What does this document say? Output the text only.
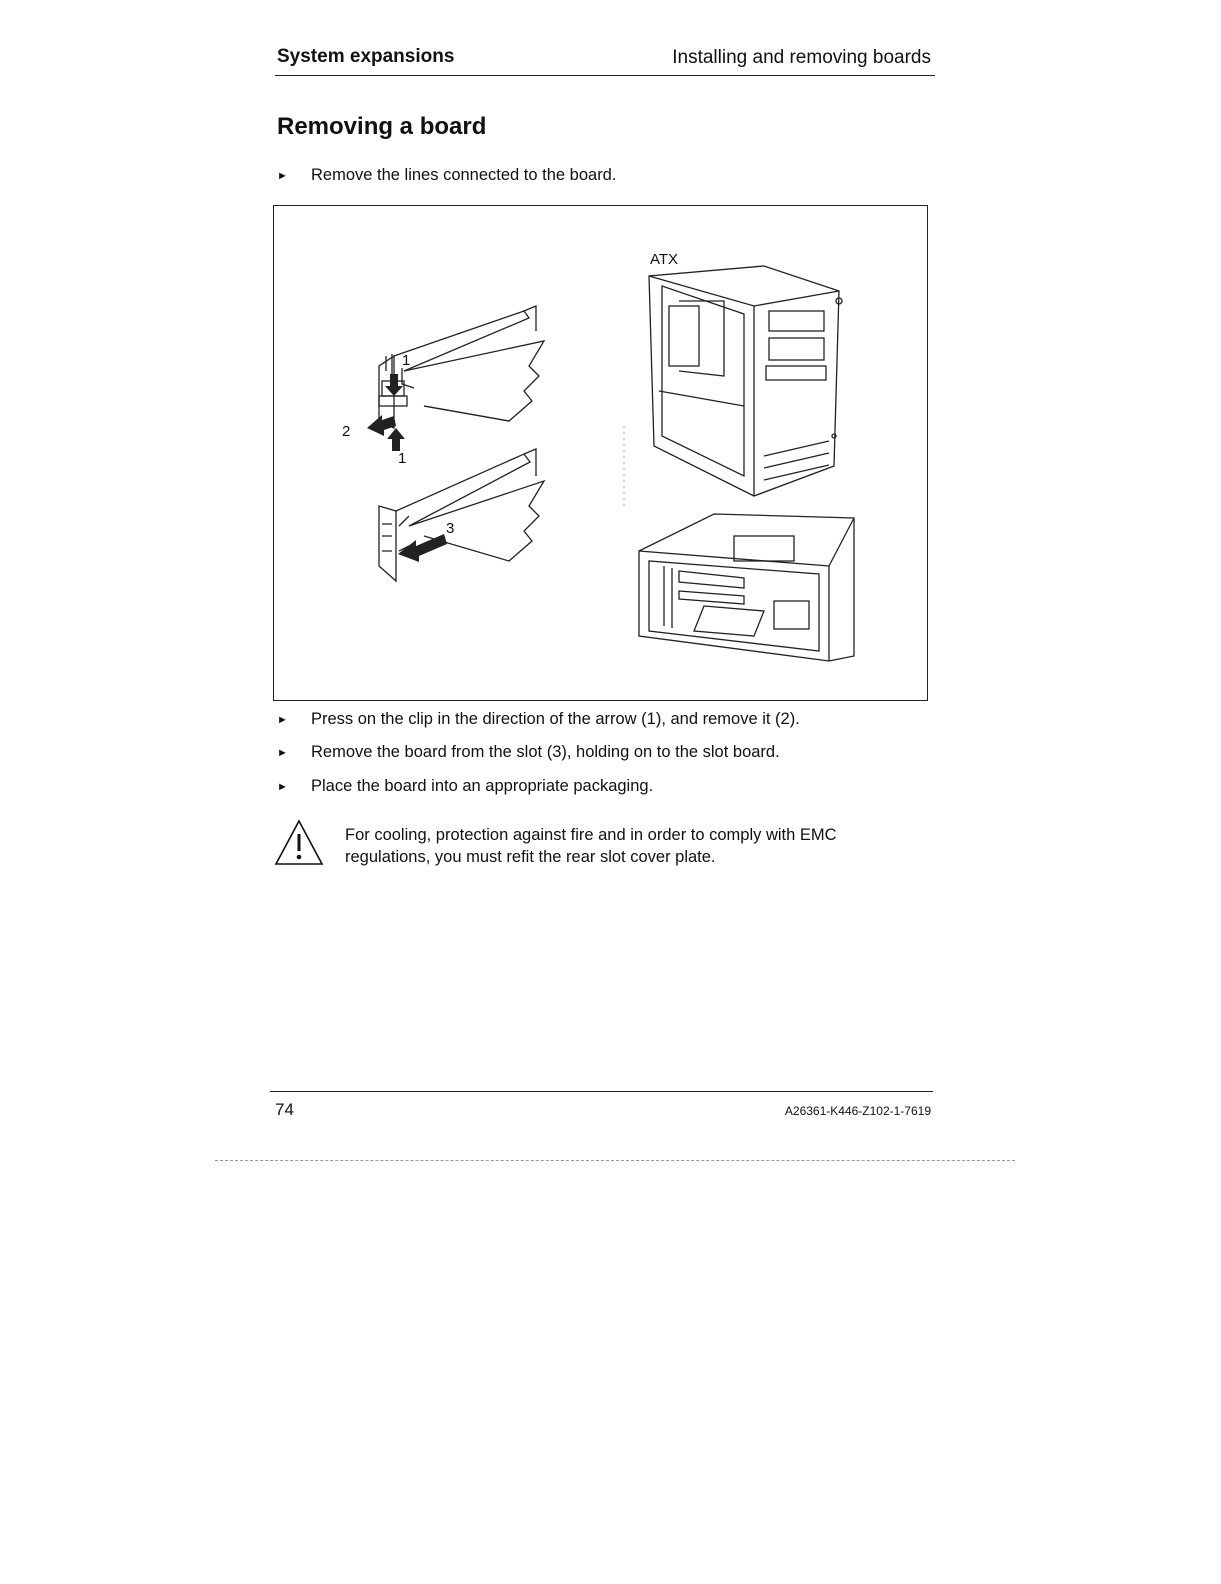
System expansions	Installing and removing boards
Removing a board
►	Remove the lines connected to the board.
ATX
1
2
1
3
►	Press on the clip in the direction of the arrow (1), and remove it (2).
►	Remove the board from the slot (3), holding on to the slot board.
►	Place the board into an appropriate packaging.
For cooling, protection against fire and in order to comply with EMC
regulations, you must refit the rear slot cover plate.
74	A26361-K446-Z102-1-7619
